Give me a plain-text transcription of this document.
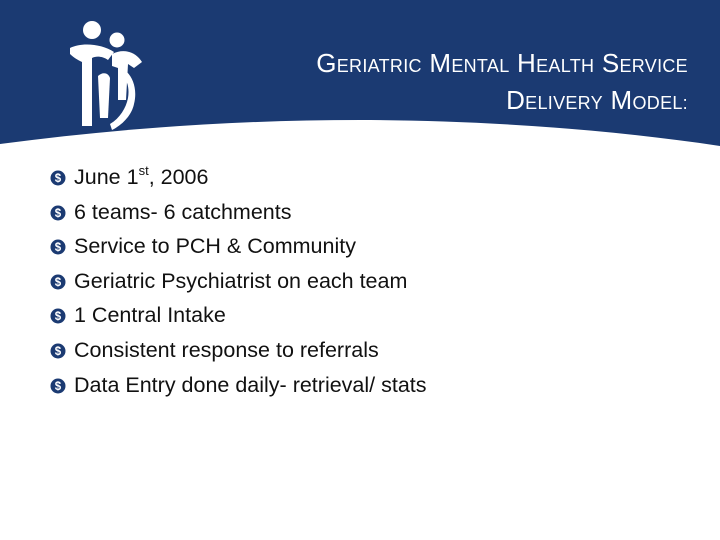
GERIATRIC MENTAL HEALTH SERVICE
DELIVERY MODEL:
$ June 1st, 2006
$ 6 teams- 6 catchments
$ Service to PCH & Community
$ Geriatric Psychiatrist on each team
$ 1 Central Intake
$ Consistent response to referrals
$ Data Entry done daily- retrieval/ stats
